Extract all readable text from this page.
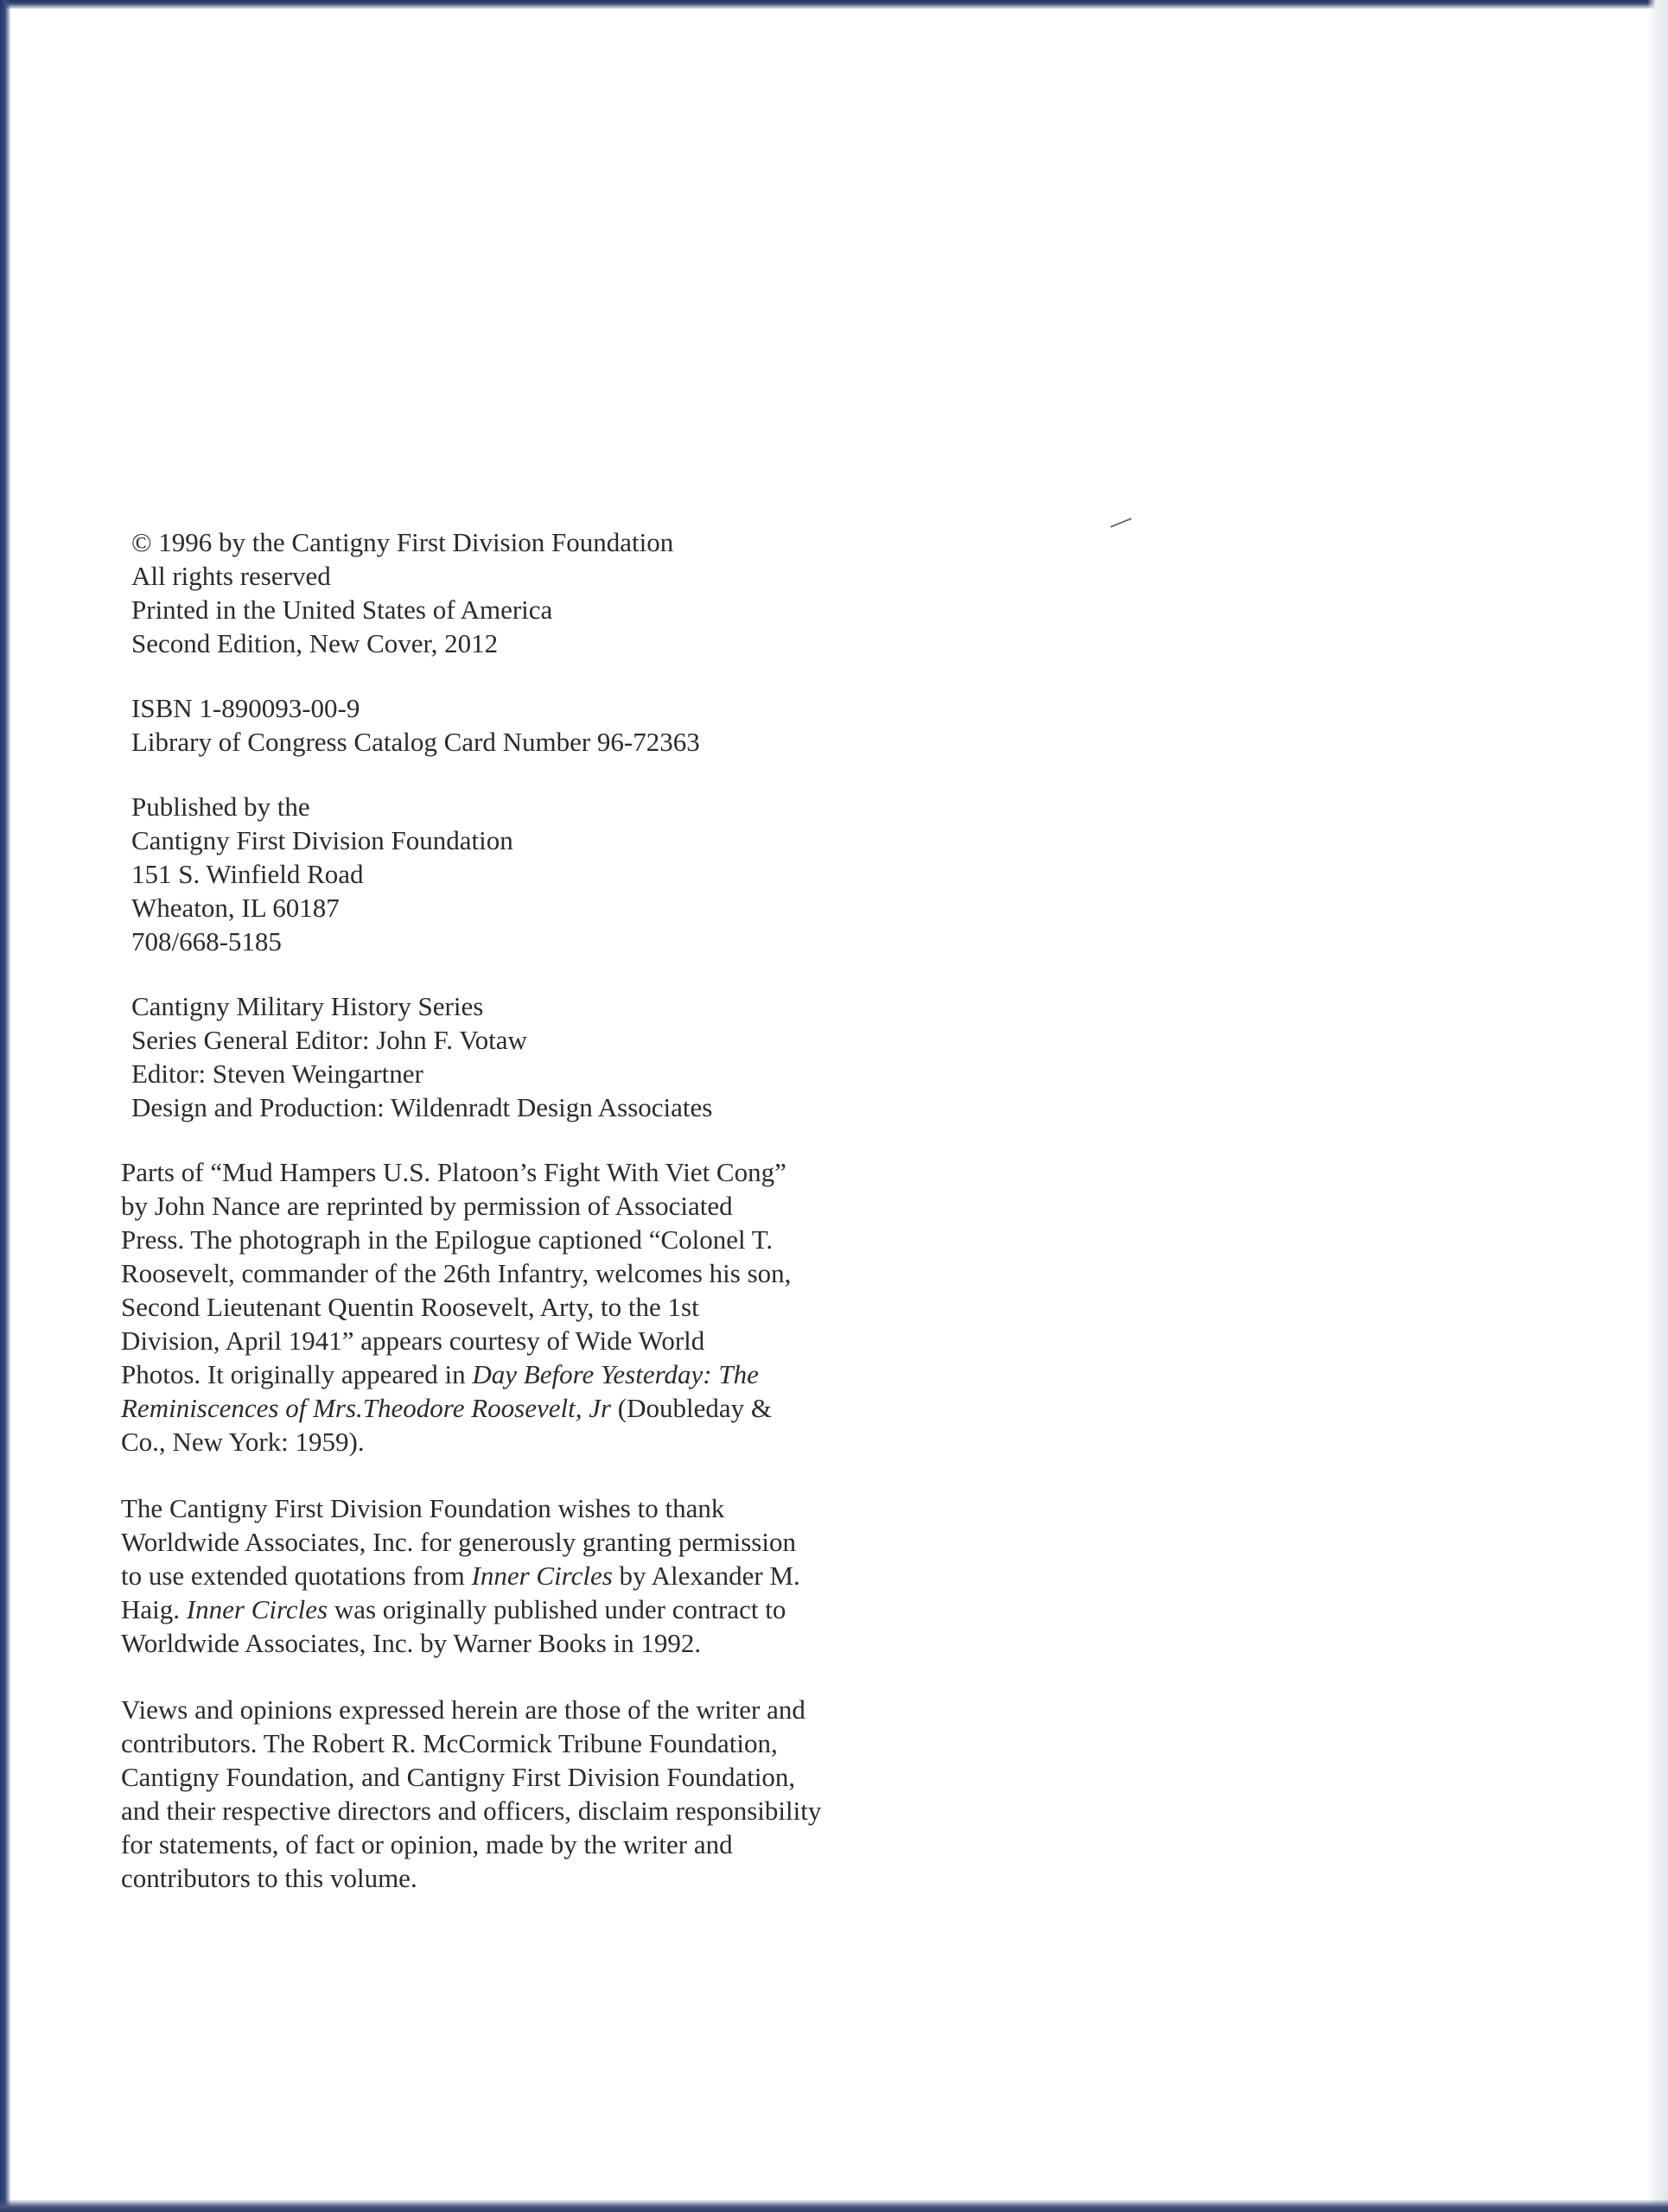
© 1996 by the Cantigny First Division Foundation
All rights reserved
Printed in the United States of America
Second Edition, New Cover, 2012
ISBN 1-890093-00-9
Library of Congress Catalog Card Number 96-72363
Published by the
Cantigny First Division Foundation
151 S. Winfield Road
Wheaton, IL 60187
708/668-5185
Cantigny Military History Series
Series General Editor: John F. Votaw
Editor: Steven Weingartner
Design and Production: Wildenradt Design Associates
Parts of “Mud Hampers U.S. Platoon’s Fight With Viet Cong”
by John Nance are reprinted by permission of Associated
Press. The photograph in the Epilogue captioned “Colonel T.
Roosevelt, commander of the 26th Infantry, welcomes his son,
Second Lieutenant Quentin Roosevelt, Arty, to the 1st
Division, April 1941” appears courtesy of Wide World
Photos. It originally appeared in Day Before Yesterday: The
Reminiscences of Mrs.Theodore Roosevelt, Jr (Doubleday &
Co., New York: 1959).
The Cantigny First Division Foundation wishes to thank
Worldwide Associates, Inc. for generously granting permission
to use extended quotations from Inner Circles by Alexander M.
Haig. Inner Circles was originally published under contract to
Worldwide Associates, Inc. by Warner Books in 1992.
Views and opinions expressed herein are those of the writer and
contributors. The Robert R. McCormick Tribune Foundation,
Cantigny Foundation, and Cantigny First Division Foundation,
and their respective directors and officers, disclaim responsibility
for statements, of fact or opinion, made by the writer and
contributors to this volume.
